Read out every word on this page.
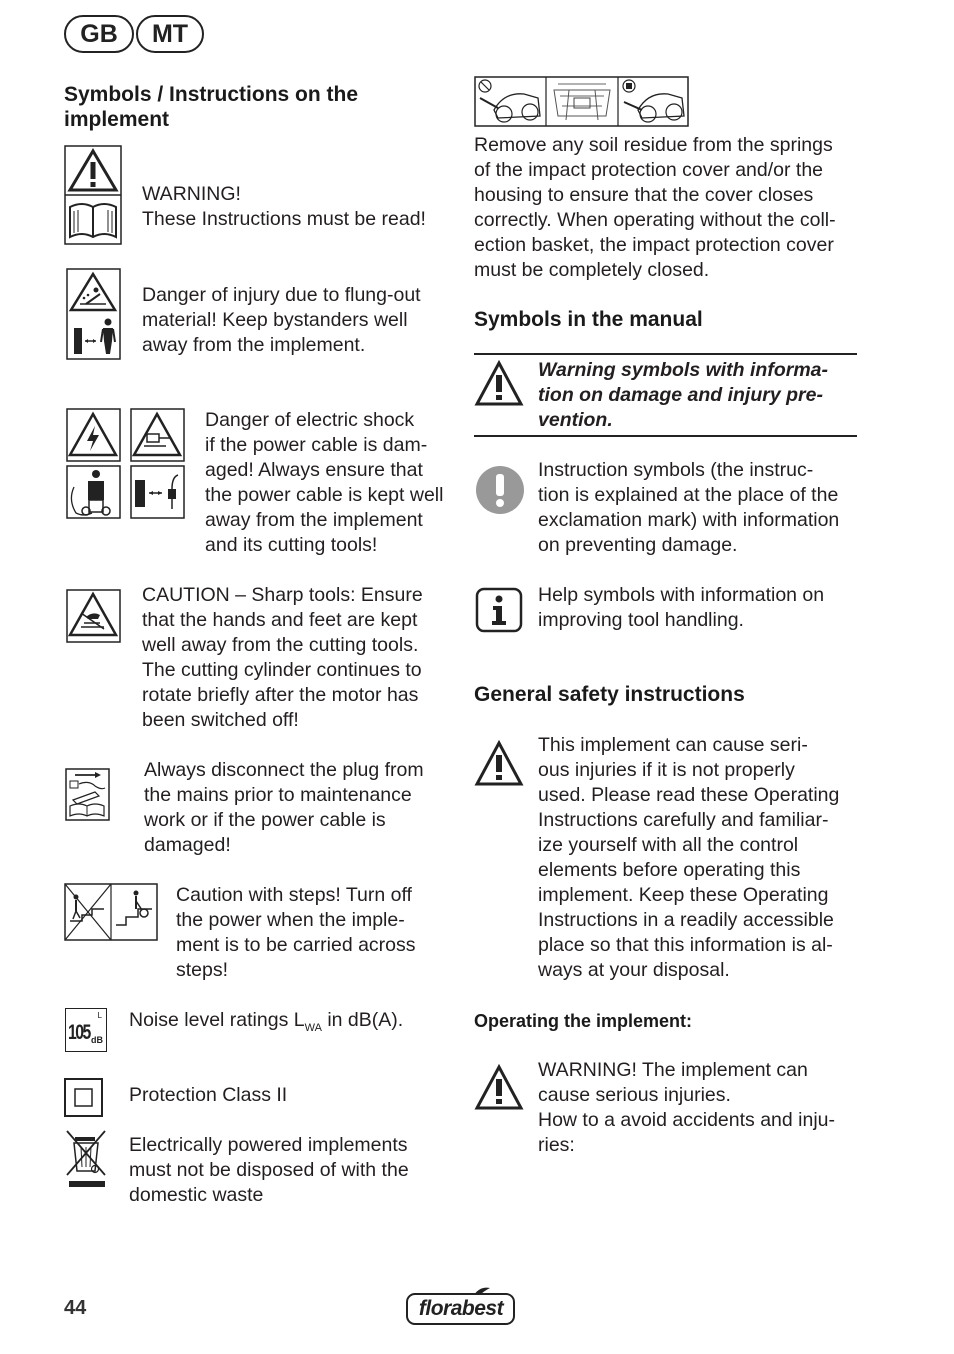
GB	MT
Symbols / Instructions on the
implement
WARNING!
These Instructions must be read!
Danger of injury due to flung-out
material! Keep bystanders well
away from the implement.
Danger of electric shock
if the power cable is dam-
aged! Always ensure that
the power cable is kept well
away from the implement
and its cutting tools!
CAUTION – Sharp tools: Ensure
that the hands and feet are kept
well away from the cutting tools.
The cutting cylinder continues to
rotate briefly after the motor has
been switched off!
Always disconnect the plug from
the mains prior to maintenance
work or if the power cable is
damaged!
Caution with steps! Turn off
the power when the imple-
ment is to be carried across
steps!
L
105 dB
Noise level ratings $L_{WA}$ in dB(A).
Protection Class II
Electrically powered implements
must not be disposed of with the
domestic waste
Remove any soil residue from the springs
of the impact protection cover and/or the
housing to ensure that the cover closes
correctly. When operating without the coll-
ection basket, the impact protection cover
must be completely closed.
Symbols in the manual
Warning symbols with informa-
tion on damage and injury pre-
vention.
Instruction symbols (the instruc-
tion is explained at the place of the
exclamation mark) with information
on preventing damage.
Help symbols with information on
improving tool handling.
General safety instructions
This implement can cause seri-
ous injuries if it is not properly
used. Please read these Operating
Instructions carefully and familiar-
ize yourself with all the control
elements before operating this
implement. Keep these Operating
Instructions in a readily accessible
place so that this information is al-
ways at your disposal.
Operating the implement:
WARNING! The implement can
cause serious injuries.
How to a avoid accidents and inju-
ries:
44	florabest
